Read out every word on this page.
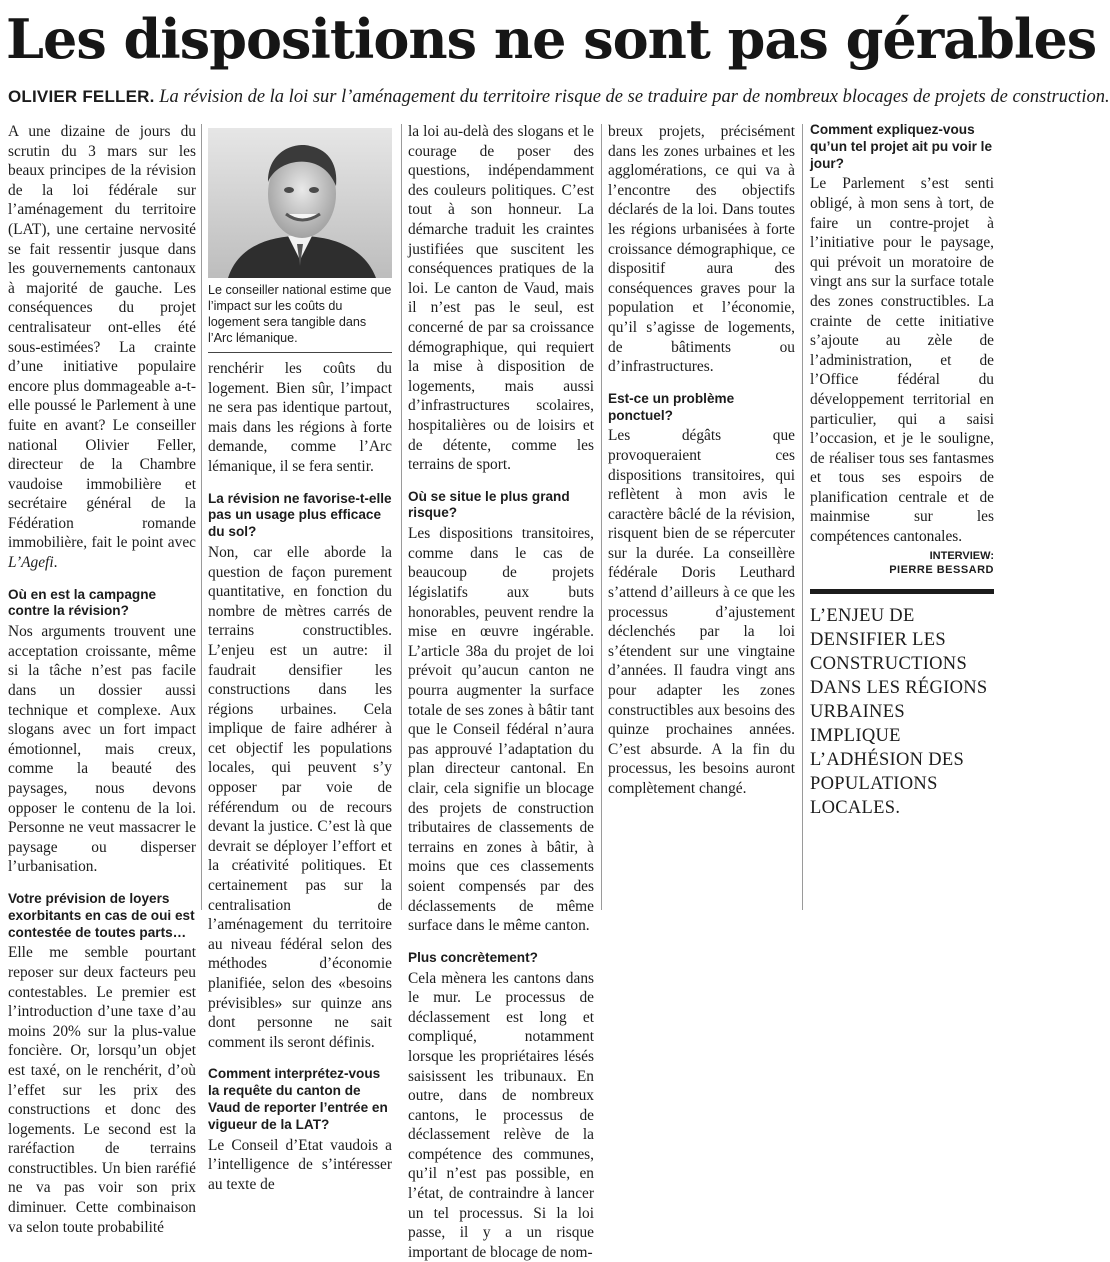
Les dispositions ne sont pas gérables
OLIVIER FELLER. La révision de la loi sur l’aménagement du territoire risque de se traduire par de nombreux blocages de projets de construction.

A une dizaine de jours du scrutin du 3 mars sur les beaux principes de la révision de la loi fédérale sur l’aménagement du territoire (LAT), une certaine nervosité se fait ressentir jusque dans les gouvernements cantonaux à majorité de gauche. Les conséquences du projet centralisateur ont-elles été sous-estimées? La crainte d’une initiative populaire encore plus dommageable a-t-elle poussé le Parlement à une fuite en avant? Le conseiller national Olivier Feller, directeur de la Chambre vaudoise immobilière et secrétaire général de la Fédération romande immobilière, fait le point avec L’Agefi.

Où en est la campagne contre la révision?

Nos arguments trouvent une acceptation croissante, même si la tâche n’est pas facile dans un dossier aussi technique et complexe. Aux slogans avec un fort impact émotionnel, mais creux, comme la beauté des paysages, nous devons opposer le contenu de la loi. Personne ne veut massacrer le paysage ou disperser l’urbanisation.

Votre prévision de loyers exorbitants en cas de oui est contestée de toutes parts…

Elle me semble pourtant reposer sur deux facteurs peu contestables. Le premier est l’introduction d’une taxe d’au moins 20% sur la plus-value foncière. Or, lorsqu’un objet est taxé, on le renchérit, d’où l’effet sur les prix des constructions et donc des logements. Le second est la raréfaction de terrains constructibles. Un bien raréfié ne va pas voir son prix diminuer. Cette combinaison va selon toute probabilité

Le conseiller national estime que l’impact sur les coûts du logement sera tangible dans l’Arc lémanique.

renchérir les coûts du logement. Bien sûr, l’impact ne sera pas identique partout, mais dans les régions à forte demande, comme l’Arc lémanique, il se fera sentir.

La révision ne favorise-t-elle pas un usage plus efficace du sol?

Non, car elle aborde la question de façon purement quantitative, en fonction du nombre de mètres carrés de terrains constructibles. L’enjeu est un autre: il faudrait densifier les constructions dans les régions urbaines. Cela implique de faire adhérer à cet objectif les populations locales, qui peuvent s’y opposer par voie de référendum ou de recours devant la justice. C’est là que devrait se déployer l’effort et la créativité politiques. Et certainement pas sur la centralisation de l’aménagement du territoire au niveau fédéral selon des méthodes d’économie planifiée, selon des «besoins prévisibles» sur quinze ans dont personne ne sait comment ils seront définis.

Comment interprétez-vous la requête du canton de Vaud de reporter l’entrée en vigueur de la LAT?

Le Conseil d’Etat vaudois a l’intelligence de s’intéresser au texte de

la loi au-delà des slogans et le courage de poser des questions, indépendamment des couleurs politiques. C’est tout à son honneur. La démarche traduit les craintes justifiées que suscitent les conséquences pratiques de la loi. Le canton de Vaud, mais il n’est pas le seul, est concerné de par sa croissance démographique, qui requiert la mise à disposition de logements, mais aussi d’infrastructures scolaires, hospitalières ou de loisirs et de détente, comme les terrains de sport.

Où se situe le plus grand risque?

Les dispositions transitoires, comme dans le cas de beaucoup de projets législatifs aux buts honorables, peuvent rendre la mise en œuvre ingérable. L’article 38a du projet de loi prévoit qu’aucun canton ne pourra augmenter la surface totale de ses zones à bâtir tant que le Conseil fédéral n’aura pas approuvé l’adaptation du plan directeur cantonal. En clair, cela signifie un blocage des projets de construction tributaires de classements de terrains en zones à bâtir, à moins que ces classements soient compensés par des déclassements de même surface dans le même canton.

Plus concrètement?

Cela mènera les cantons dans le mur. Le processus de déclassement est long et compliqué, notamment lorsque les propriétaires lésés saisissent les tribunaux. En outre, dans de nombreux cantons, le processus de déclassement relève de la compétence des communes, qu’il n’est pas possible, en l’état, de contraindre à lancer un tel processus. Si la loi passe, il y a un risque important de blocage de nom-

breux projets, précisément dans les zones urbaines et les agglomérations, ce qui va à l’encontre des objectifs déclarés de la loi. Dans toutes les régions urbanisées à forte croissance démographique, ce dispositif aura des conséquences graves pour la population et l’économie, qu’il s’agisse de logements, de bâtiments ou d’infrastructures.

Est-ce un problème ponctuel?

Les dégâts que provoqueraient ces dispositions transitoires, qui reflètent à mon avis le caractère bâclé de la révision, risquent bien de se répercuter sur la durée. La conseillère fédérale Doris Leuthard s’attend d’ailleurs à ce que les processus d’ajustement déclenchés par la loi s’étendent sur une vingtaine d’années. Il faudra vingt ans pour adapter les zones constructibles aux besoins des quinze prochaines années. C’est absurde. A la fin du processus, les besoins auront complètement changé.

Comment expliquez-vous qu’un tel projet ait pu voir le jour?

Le Parlement s’est senti obligé, à mon sens à tort, de faire un contre-projet à l’initiative pour le paysage, qui prévoit un moratoire de vingt ans sur la surface totale des zones constructibles. La crainte de cette initiative s’ajoute au zèle de l’administration, et de l’Office fédéral du développement territorial en particulier, qui a saisi l’occasion, et je le souligne, de réaliser tous ses fantasmes et tous ses espoirs de planification centrale et de mainmise sur les compétences cantonales.

INTERVIEW:
PIERRE BESSARD
L’ENJEU DE DENSIFIER LES CONSTRUCTIONS DANS LES RÉGIONS URBAINES IMPLIQUE L’ADHÉSION DES POPULATIONS LOCALES.
